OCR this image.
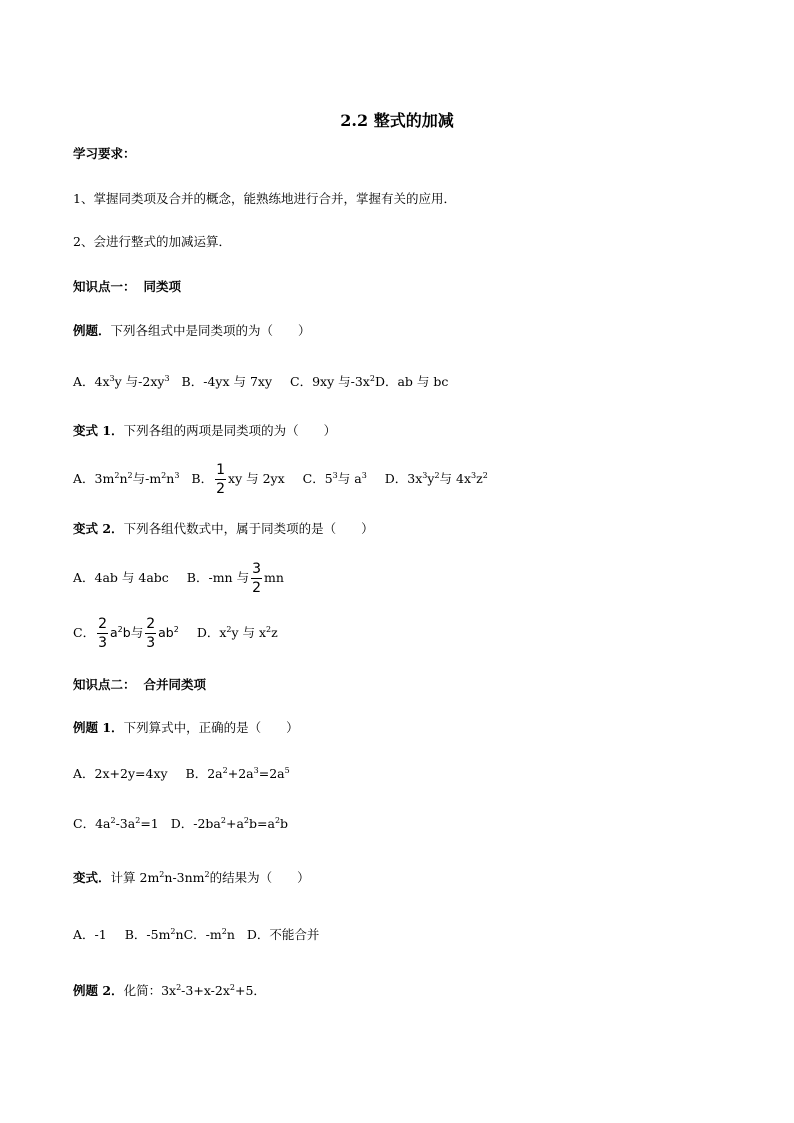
2.2 整式的加减
学习要求：
1、掌握同类项及合并的概念，能熟练地进行合并，掌握有关的应用．
2、会进行整式的加减运算．
知识点一： 同类项
例题．下列各组式中是同类项的为（　　）
A．$4x^3y$ 与$-2xy^3$ B．-4yx 与 7xy C．9xy 与$-3x^2D$．ab 与 bc
变式 1．下列各组的两项是同类项的为（　　）
A．$3m^2n^2$与$-m^2n^3$ B． $\frac{1}{2}$ xy 与 2yx C．$5^3$与 $a^3$ D．$3x^3y^2$与 $4x^3z^2$
变式 2．下列各组代数式中，属于同类项的是（　　）
A．4ab 与 4abc B．-mn 与 $\frac{3}{2}$ mn
C． $\frac{2}{3} a^2b$与 $\frac{2}{3} ab^2$ D．$x^2y$ 与 $x^2z$
知识点二： 合并同类项
例题 1．下列算式中，正确的是（　　）
A．2x+2y=4xy B．$2a^2+2a^3=2a^5$
C．$4a^2-3a^2=1$ D．$-2ba^2+a^2b=a^2b$
变式．计算 $2m^2n-3nm^2$的结果为（　　）
A．-1 B．$-5m^2nC$．$-m^2n$ D．不能合并
例题 2．化简：$3x^2-3+x-2x^2+5$．
